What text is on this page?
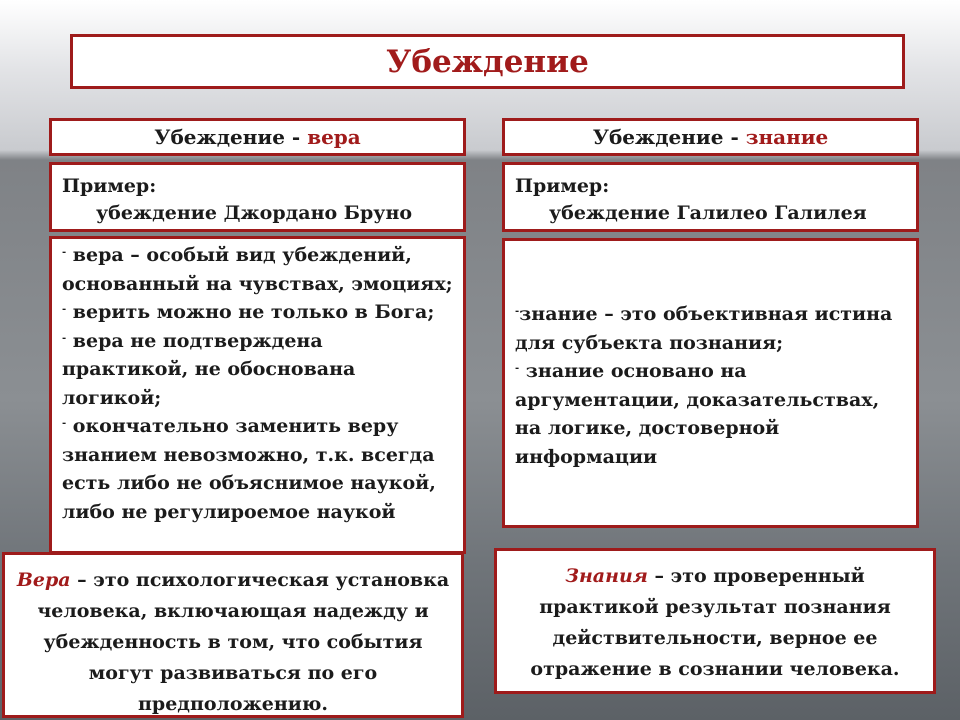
Убеждение
Убеждение - вера	Убеждение - знание
Пример:
убеждение Джордано Бруно
Пример:
убеждение Галилео Галилея
- вера – особый вид убеждений, основанный на чувствах, эмоциях;
- верить можно не только в Бога;
- вера не подтверждена практикой, не обоснована логикой;
- окончательно заменить веру знанием невозможно, т.к. всегда есть либо не объяснимое наукой, либо не регулироемое наукой
-знание – это объективная истина для субъекта познания;
- знание основано на аргументации, доказательствах, на логике, достоверной информации
Вера – это психологическая установка человека, включающая надежду и убежденность в том, что события могут развиваться по его предположению.
Знания – это проверенный практикой результат познания действительности, верное ее отражение в сознании человека.
